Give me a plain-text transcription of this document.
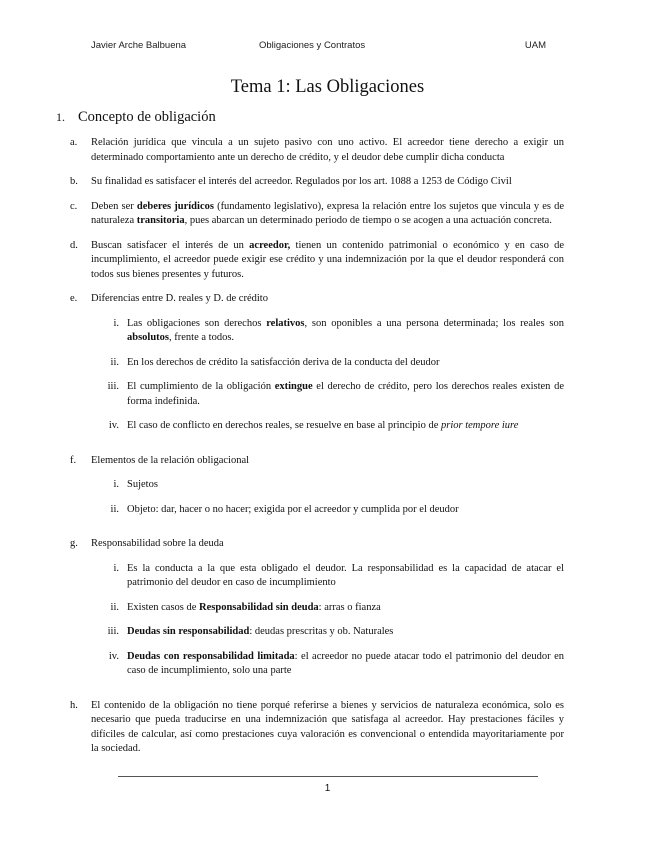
Javier Arche Balbuena	Obligaciones y Contratos	UAM
Tema 1: Las Obligaciones
1. Concepto de obligación
a.	Relación jurídica que vincula a un sujeto pasivo con uno activo. El acreedor tiene derecho a exigir un determinado comportamiento ante un derecho de crédito, y el deudor debe cumplir dicha conducta
b.	Su finalidad es satisfacer el interés del acreedor. Regulados por los art. 1088 a 1253 de Código Civil
c.	Deben ser deberes jurídicos (fundamento legislativo), expresa la relación entre los sujetos que vincula y es de naturaleza transitoria, pues abarcan un determinado periodo de tiempo o se acogen a una actuación concreta.
d.	Buscan satisfacer el interés de un acreedor, tienen un contenido patrimonial o económico y en caso de incumplimiento, el acreedor puede exigir ese crédito y una indemnización por la que el deudor responderá con todos sus bienes presentes y futuros.
e.	Diferencias entre D. reales y D. de crédito
i. Las obligaciones son derechos relativos, son oponibles a una persona determinada; los reales son absolutos, frente a todos.
ii. En los derechos de crédito la satisfacción deriva de la conducta del deudor
iii. El cumplimiento de la obligación extingue el derecho de crédito, pero los derechos reales existen de forma indefinida.
iv. El caso de conflicto en derechos reales, se resuelve en base al principio de prior tempore iure
f.	Elementos de la relación obligacional
i. Sujetos
ii. Objeto: dar, hacer o no hacer; exigida por el acreedor y cumplida por el deudor
g.	Responsabilidad sobre la deuda
i. Es la conducta a la que esta obligado el deudor. La responsabilidad es la capacidad de atacar el patrimonio del deudor en caso de incumplimiento
ii. Existen casos de Responsabilidad sin deuda: arras o fianza
iii. Deudas sin responsabilidad: deudas prescritas y ob. Naturales
iv. Deudas con responsabilidad limitada: el acreedor no puede atacar todo el patrimonio del deudor en caso de incumplimiento, solo una parte
h.	El contenido de la obligación no tiene porqué referirse a bienes y servicios de naturaleza económica, solo es necesario que pueda traducirse en una indemnización que satisfaga al acreedor. Hay prestaciones fáciles y difíciles de calcular, así como prestaciones cuya valoración es convencional o entendida mayoritariamente por la sociedad.
1
